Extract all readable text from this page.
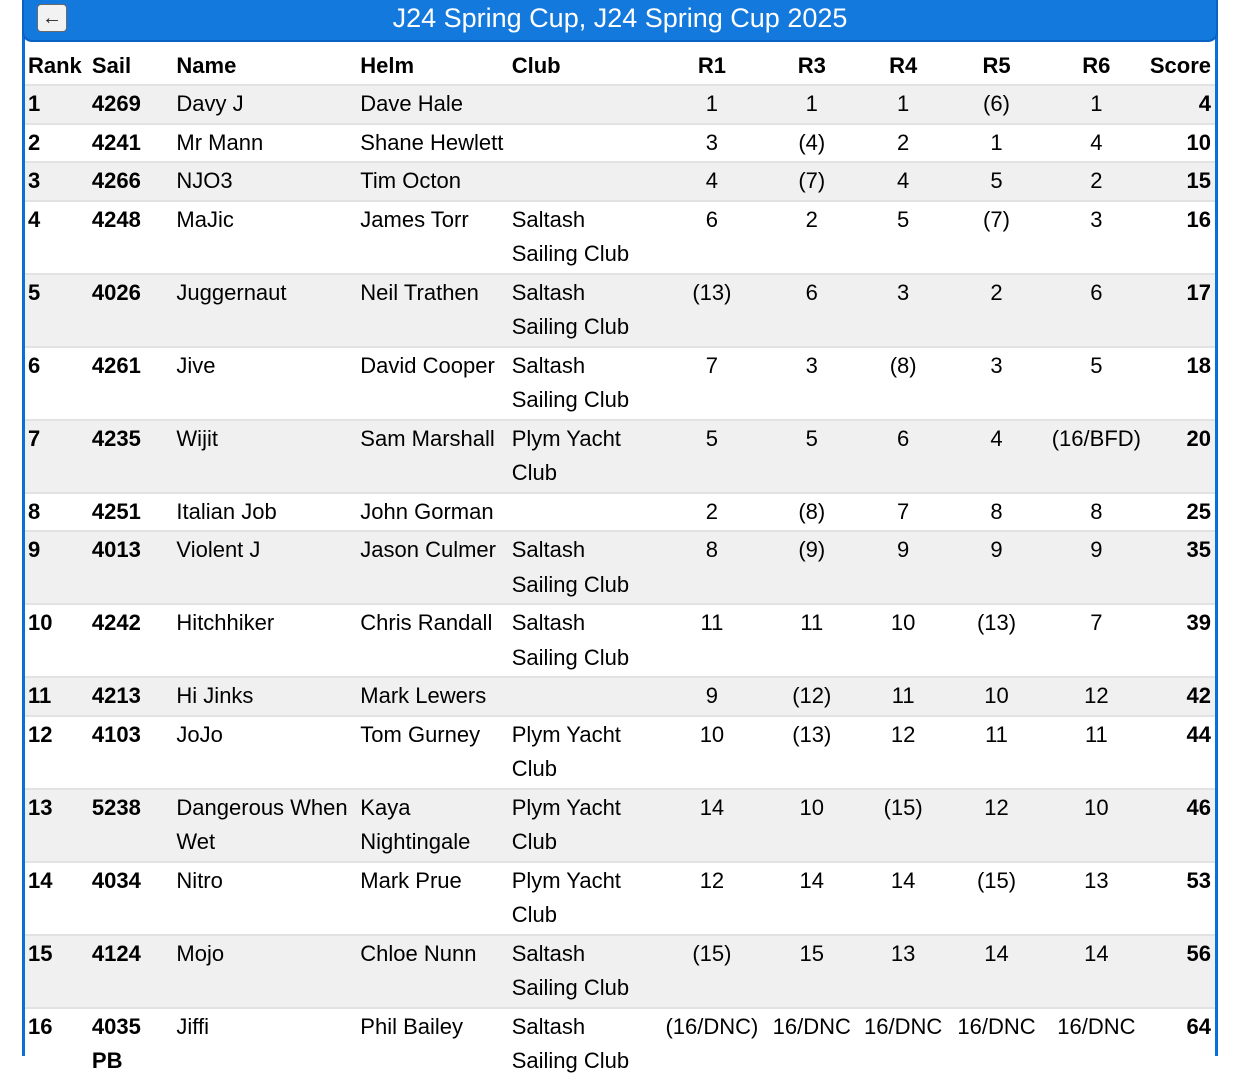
←	J24 Spring Cup, J24 Spring Cup 2025
Rank	Sail	Name	Helm	Club	R1	R3	R4	R5	R6	Score
1	4269	Davy J	Dave Hale		1	1	1	(6)	1	4
2	4241	Mr Mann	Shane Hewlett		3	(4)	2	1	4	10
3	4266	NJO3	Tim Octon		4	(7)	4	5	2	15
4	4248	MaJic	James Torr	Saltash Sailing Club	6	2	5	(7)	3	16
5	4026	Juggernaut	Neil Trathen	Saltash Sailing Club	(13)	6	3	2	6	17
6	4261	Jive	David Cooper	Saltash Sailing Club	7	3	(8)	3	5	18
7	4235	Wijit	Sam Marshall	Plym Yacht Club	5	5	6	4	(16/BFD)	20
8	4251	Italian Job	John Gorman		2	(8)	7	8	8	25
9	4013	Violent J	Jason Culmer	Saltash Sailing Club	8	(9)	9	9	9	35
10	4242	Hitchhiker	Chris Randall	Saltash Sailing Club	11	11	10	(13)	7	39
11	4213	Hi Jinks	Mark Lewers		9	(12)	11	10	12	42
12	4103	JoJo	Tom Gurney	Plym Yacht Club	10	(13)	12	11	11	44
13	5238	Dangerous When Wet	Kaya Nightingale	Plym Yacht Club	14	10	(15)	12	10	46
14	4034	Nitro	Mark Prue	Plym Yacht Club	12	14	14	(15)	13	53
15	4124	Mojo	Chloe Nunn	Saltash Sailing Club	(15)	15	13	14	14	56
16	4035 PB	Jiffi	Phil Bailey	Saltash Sailing Club	(16/DNC)	16/DNC	16/DNC	16/DNC	16/DNC	64
